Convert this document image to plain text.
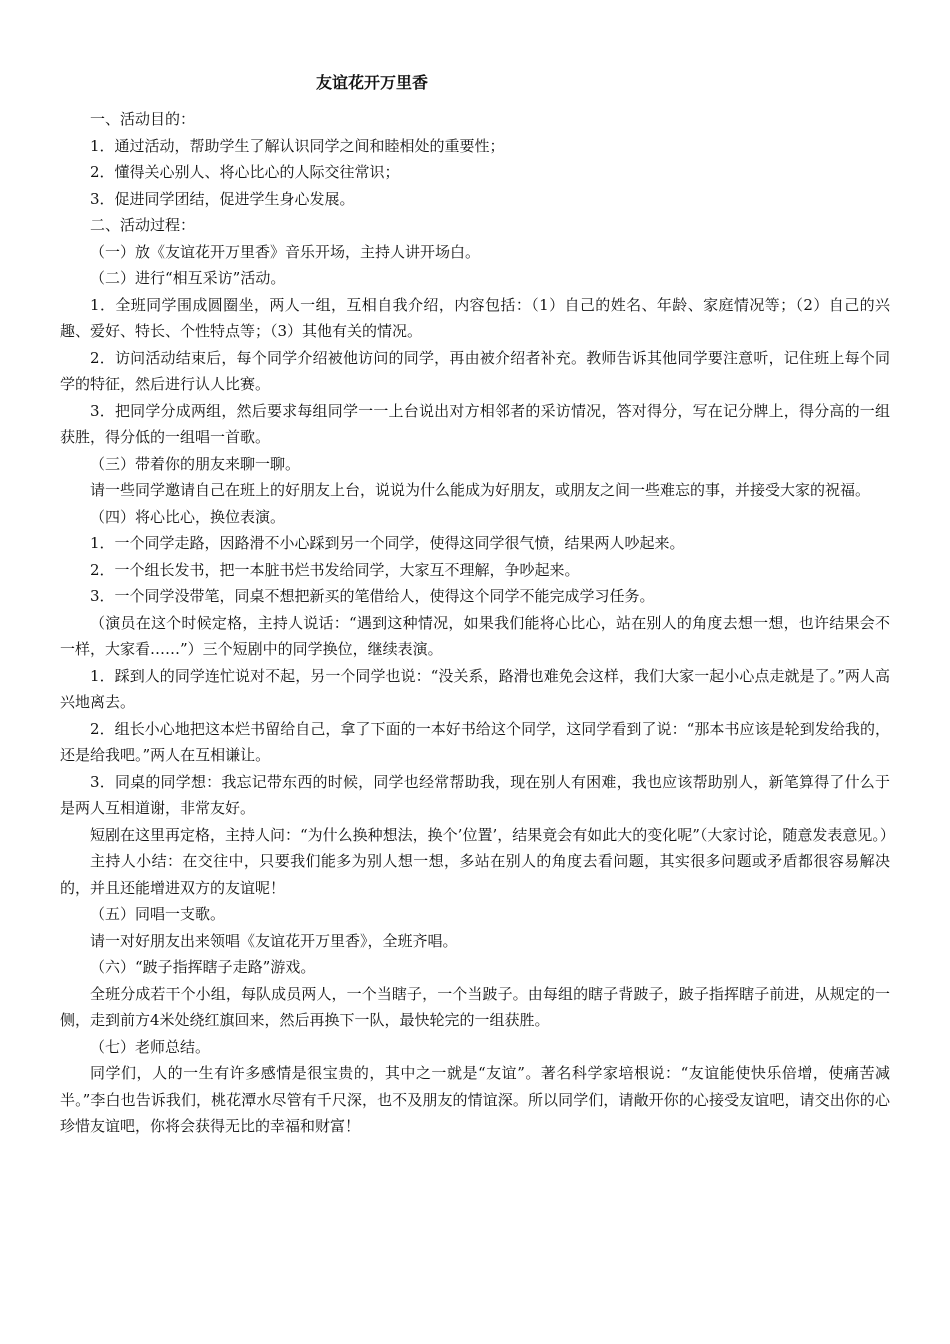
友谊花开万里香

一、活动目的：

1．通过活动，帮助学生了解认识同学之间和睦相处的重要性；

2．懂得关心别人、将心比心的人际交往常识；

3．促进同学团结，促进学生身心发展。

二、活动过程：

（一）放《友谊花开万里香》音乐开场，主持人讲开场白。

（二）进行“相互采访”活动。

1．全班同学围成圆圈坐，两人一组，互相自我介绍，内容包括：（1）自己的姓名、年龄、家庭情况等；（2）自己的兴趣、爱好、特长、个性特点等；（3）其他有关的情况。

2．访问活动结束后，每个同学介绍被他访问的同学，再由被介绍者补充。教师告诉其他同学要注意听，记住班上每个同学的特征，然后进行认人比赛。

3．把同学分成两组，然后要求每组同学一一上台说出对方相邻者的采访情况，答对得分，写在记分牌上，得分高的一组获胜，得分低的一组唱一首歌。

（三）带着你的朋友来聊一聊。

请一些同学邀请自己在班上的好朋友上台，说说为什么能成为好朋友，或朋友之间一些难忘的事，并接受大家的祝福。

（四）将心比心，换位表演。

1．一个同学走路，因路滑不小心踩到另一个同学，使得这同学很气愤，结果两人吵起来。

2．一个组长发书，把一本脏书烂书发给同学，大家互不理解，争吵起来。

3．一个同学没带笔，同桌不想把新买的笔借给人，使得这个同学不能完成学习任务。

（演员在这个时候定格，主持人说话：“遇到这种情况，如果我们能将心比心，站在别人的角度去想一想，也许结果会不一样，大家看……”）三个短剧中的同学换位，继续表演。

1．踩到人的同学连忙说对不起，另一个同学也说：“没关系，路滑也难免会这样，我们大家一起小心点走就是了。”两人高兴地离去。

2．组长小心地把这本烂书留给自己，拿了下面的一本好书给这个同学，这同学看到了说：“那本书应该是轮到发给我的，还是给我吧。”两人在互相谦让。

3．同桌的同学想：我忘记带东西的时候，同学也经常帮助我，现在别人有困难，我也应该帮助别人，新笔算得了什么于是两人互相道谢，非常友好。

短剧在这里再定格，主持人问：“为什么换种想法，换个’位置’，结果竟会有如此大的变化呢”（大家讨论，随意发表意见。）

主持人小结：在交往中，只要我们能多为别人想一想，多站在别人的角度去看问题，其实很多问题或矛盾都很容易解决的，并且还能增进双方的友谊呢！

（五）同唱一支歌。

请一对好朋友出来领唱《友谊花开万里香》，全班齐唱。

（六）“跛子指挥瞎子走路”游戏。

全班分成若干个小组，每队成员两人，一个当瞎子，一个当跛子。由每组的瞎子背跛子，跛子指挥瞎子前进，从规定的一侧，走到前方4米处绕红旗回来，然后再换下一队，最快轮完的一组获胜。

（七）老师总结。

同学们，人的一生有许多感情是很宝贵的，其中之一就是“友谊”。著名科学家培根说：“友谊能使快乐倍增，使痛苦减半。”李白也告诉我们，桃花潭水尽管有千尺深，也不及朋友的情谊深。所以同学们，请敞开你的心接受友谊吧，请交出你的心珍惜友谊吧，你将会获得无比的幸福和财富！
